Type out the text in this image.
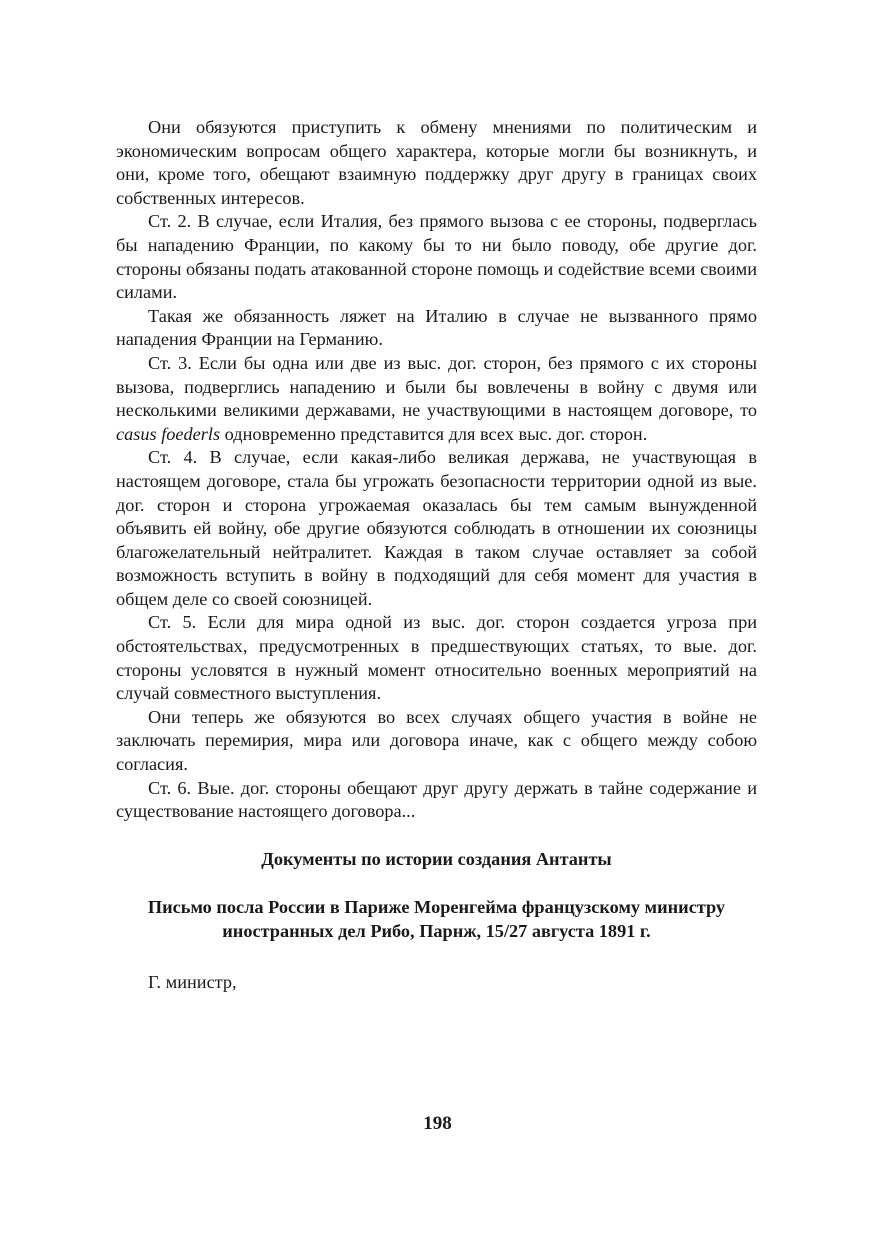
Они обязуются приступить к обмену мнениями по политическим и экономическим вопросам общего характера, которые могли бы возникнуть, и они, кроме того, обещают взаимную поддержку друг другу в границах своих собственных интересов.

Ст. 2. В случае, если Италия, без прямого вызова с ее стороны, подверглась бы нападению Франции, по какому бы то ни было поводу, обе другие дог. стороны обязаны подать атакованной стороне помощь и содействие всеми своими силами.

Такая же обязанность ляжет на Италию в случае не вызванного прямо нападения Франции на Германию.

Ст. 3. Если бы одна или две из выс. дог. сторон, без прямого с их стороны вызова, подверглись нападению и были бы вовлечены в войну с двумя или несколькими великими державами, не участвующими в настоящем договоре, то casus foederls одновременно представится для всех выс. дог. сторон.

Ст. 4. В случае, если какая-либо великая держава, не участвующая в настоящем договоре, стала бы угрожать безопасности территории одной из вые. дог. сторон и сторона угрожаемая оказалась бы тем самым вынужденной объявить ей войну, обе другие обязуются соблюдать в отношении их союзницы благожелательный нейтралитет. Каждая в таком случае оставляет за собой возможность вступить в войну в подходящий для себя момент для участия в общем деле со своей союзницей.

Ст. 5. Если для мира одной из выс. дог. сторон создается угроза при обстоятельствах, предусмотренных в предшествующих статьях, то вые. дог. стороны условятся в нужный момент относительно военных мероприятий на случай совместного выступления.

Они теперь же обязуются во всех случаях общего участия в войне не заключать перемирия, мира или договора иначе, как с общего между собою согласия.

Ст. 6. Вые. дог. стороны обещают друг другу держать в тайне содержание и существование настоящего договора...

Документы по истории создания Антанты
Письмо посла России в Париже Моренгейма французскому министру иностранных дел Рибо, Парнж, 15/27 августа 1891 г.

Г. министр,

198
